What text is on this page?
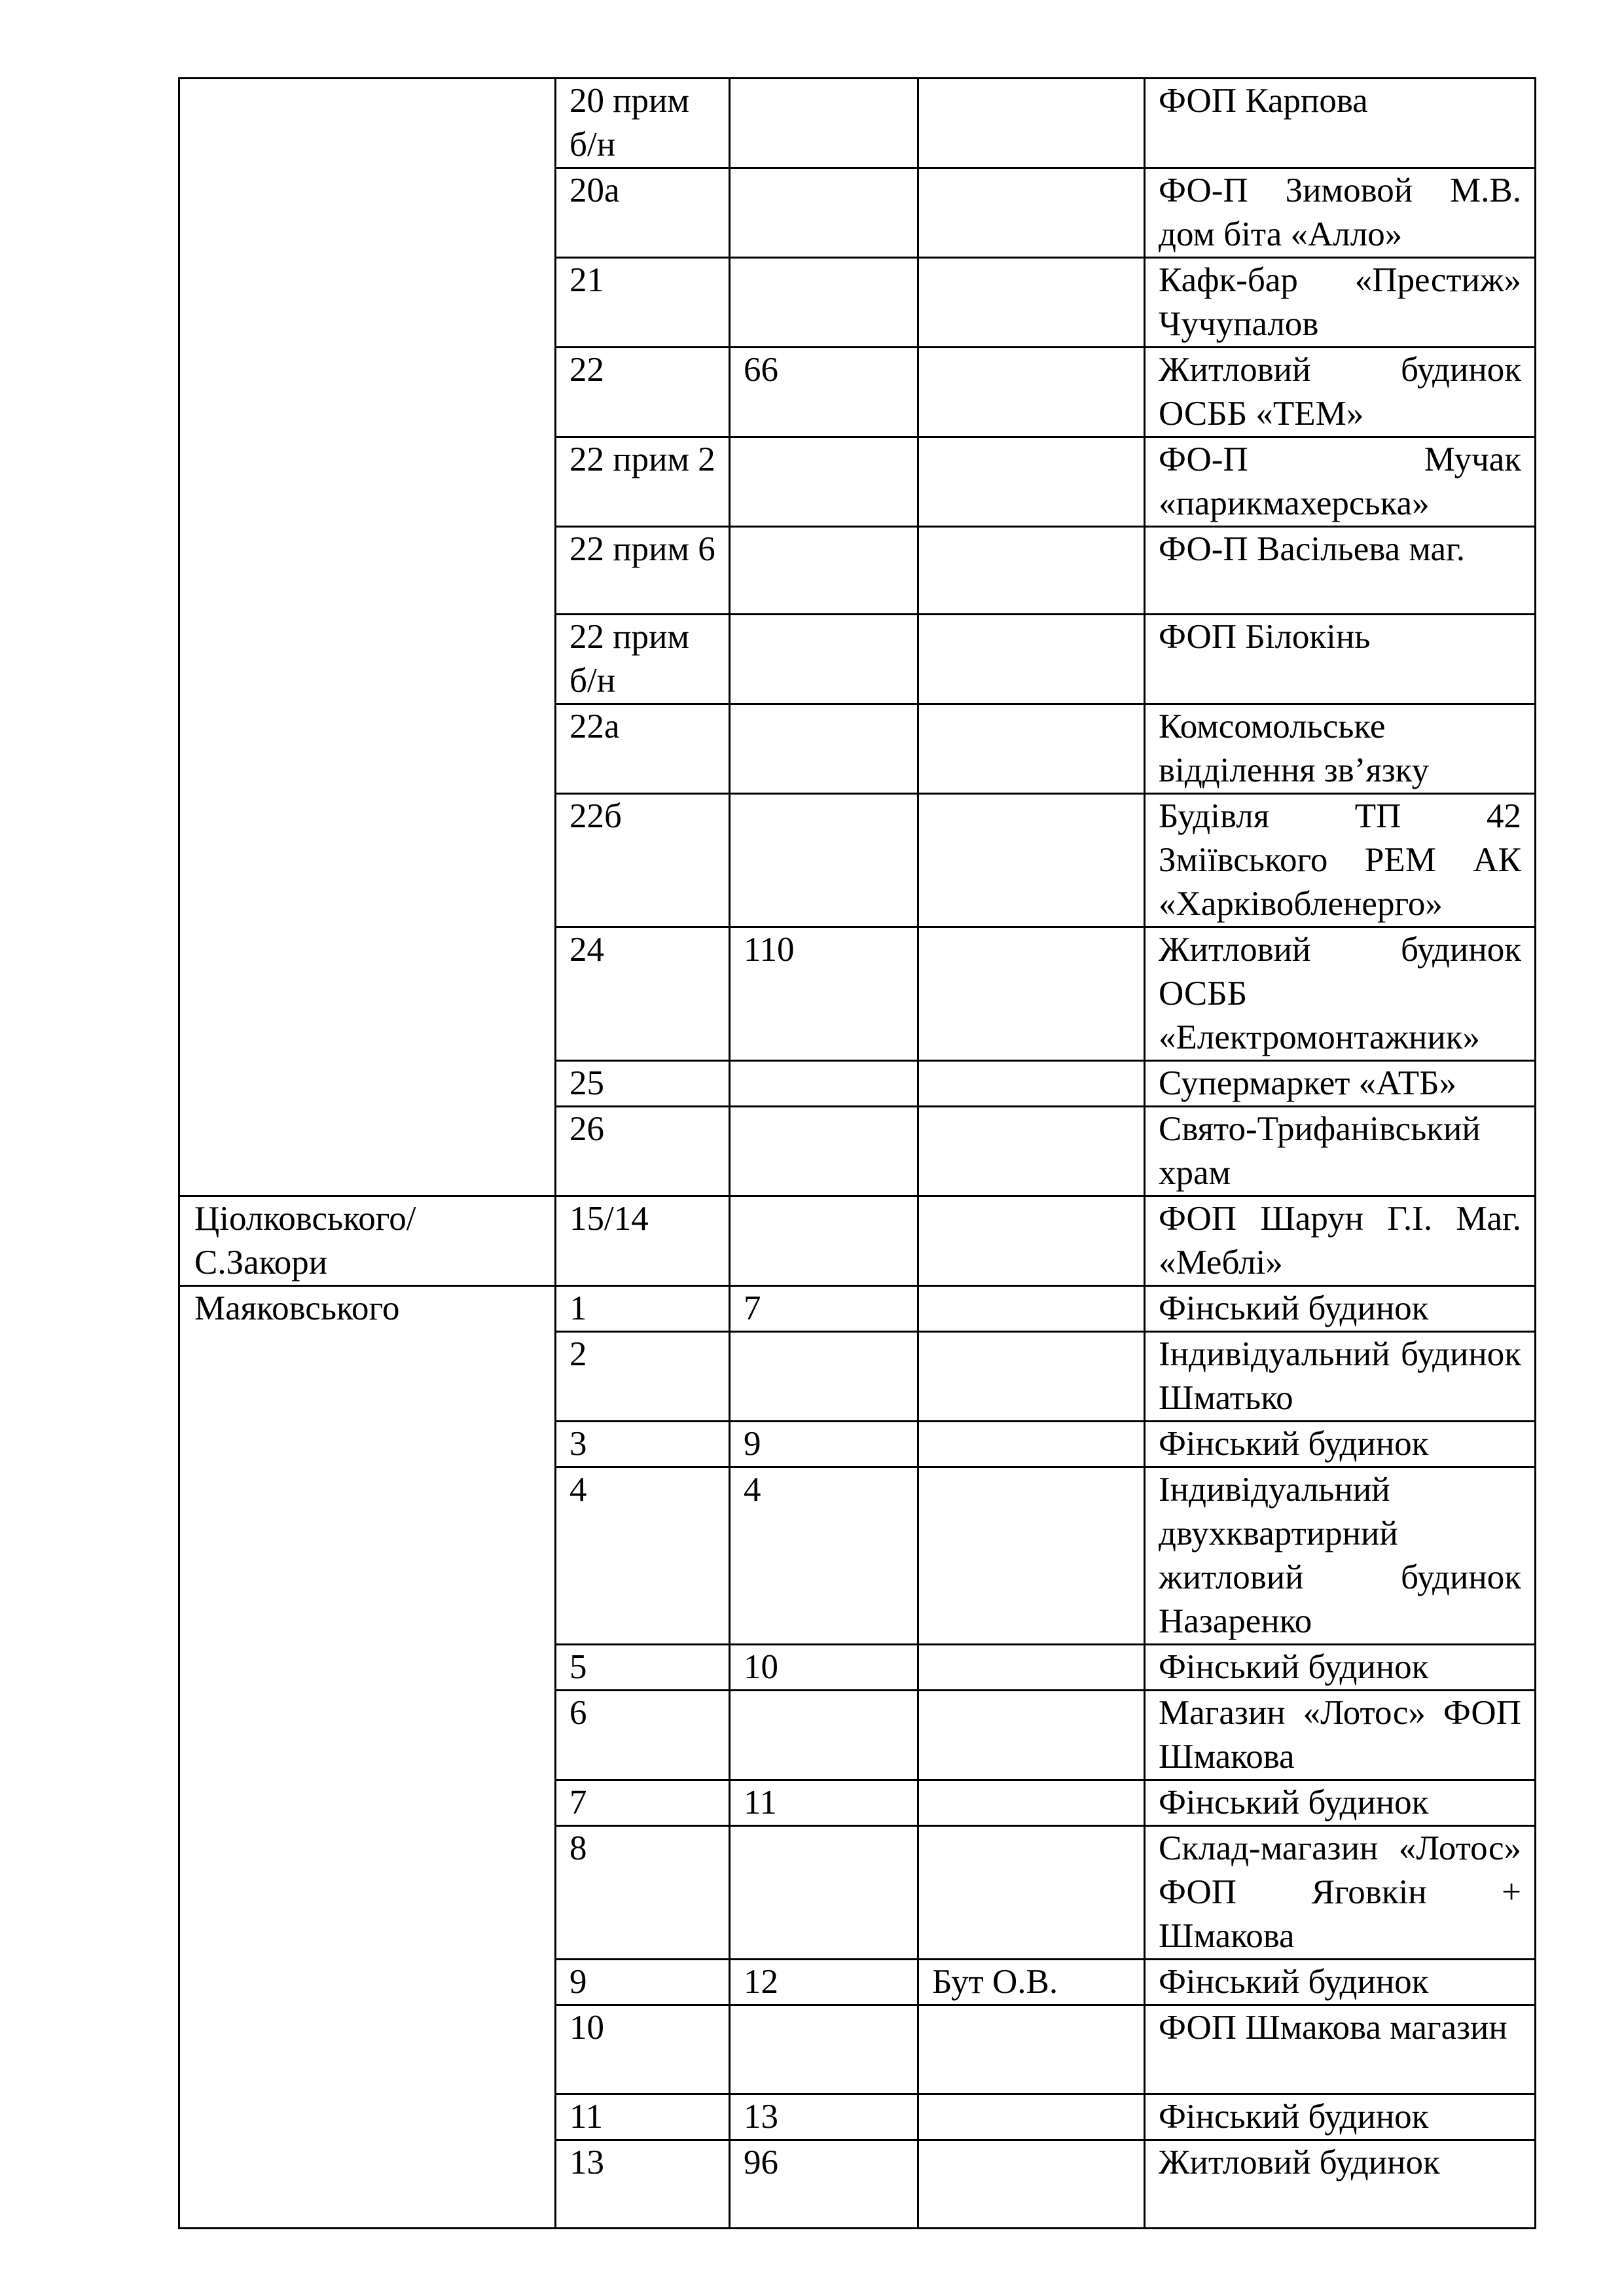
	20 прим б/н			ФОП Карпова
	20а			ФО-П Зимовой М.В. дом біта «Алло»
	21			Кафк-бар «Престиж» Чучупалов
	22	66		Житловий будинок ОСББ «ТЕМ»
	22 прим 2			ФО-П Мучак «парикмахерська»
	22 прим 6			ФО-П Васільева маг.
	22 прим б/н			ФОП Білокінь
	22а			Комсомольське відділення зв’язку
	22б			Будівля ТП 42 Зміївського РЕМ АК «Харківобленерго»
	24	110		Житловий будинок ОСББ «Електромонтажник»
	25			Супермаркет «АТБ»
	26			Свято-Трифанівський храм

Ціолковського/ С.Закори	15/14			ФОП Шарун Г.І. Маг. «Меблі»

Маяковського	1	7		Фінський будинок
	2			Індивідуальний будинок Шматько
	3	9		Фінський будинок
	4	4		Індивідуальний двухквартирний житловий будинок Назаренко
	5	10		Фінський будинок
	6			Магазин «Лотос» ФОП Шмакова
	7	11		Фінський будинок
	8			Склад-магазин «Лотос» ФОП Яговкін + Шмакова
	9	12	Бут О.В.	Фінський будинок
	10			ФОП Шмакова магазин
	11	13		Фінський будинок
	13	96		Житловий будинок
